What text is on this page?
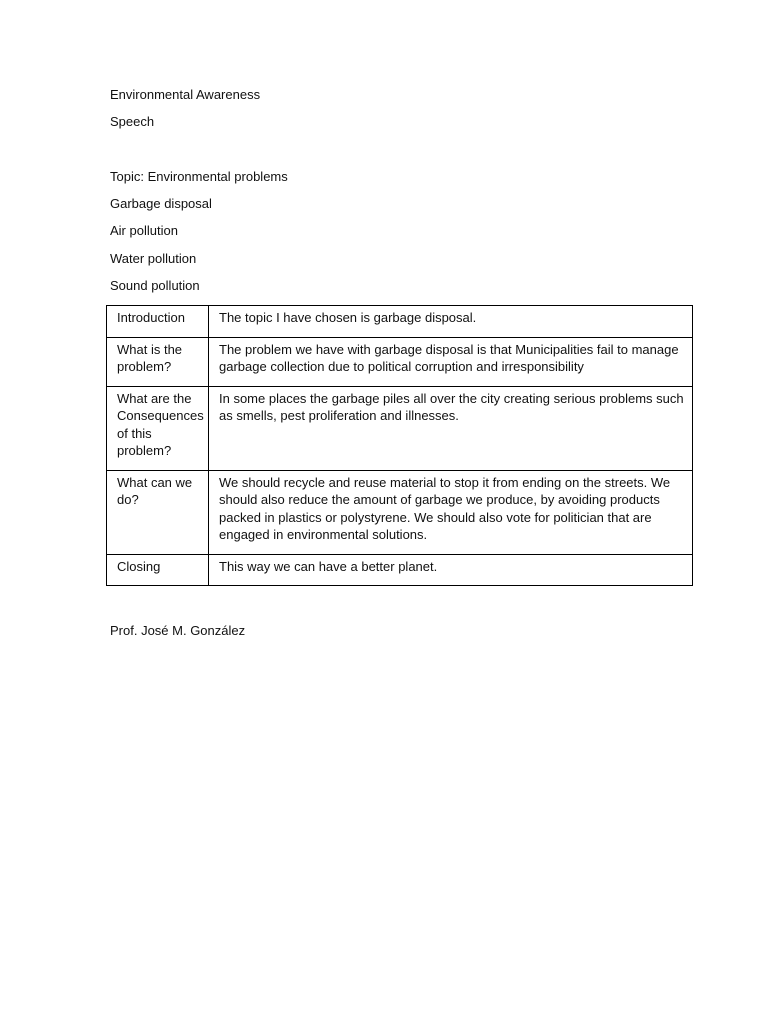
Environmental Awareness
Speech
Topic: Environmental problems
Garbage disposal
Air pollution
Water pollution
Sound pollution
Introduction	The topic I have chosen is garbage disposal.
What is the problem?	The problem we have with garbage disposal is that Municipalities fail to manage garbage collection due to political corruption and irresponsibility
What are the Consequences of this problem?	In some places the garbage piles all over the city creating serious problems such as smells, pest proliferation and illnesses.
What can we do?	We should recycle and reuse material to stop it from ending on the streets. We should also reduce the amount of garbage we produce, by avoiding products packed in plastics or polystyrene. We should also vote for politician that are engaged in environmental solutions.
Closing	This way we can have a better planet.
Prof. José M. González
